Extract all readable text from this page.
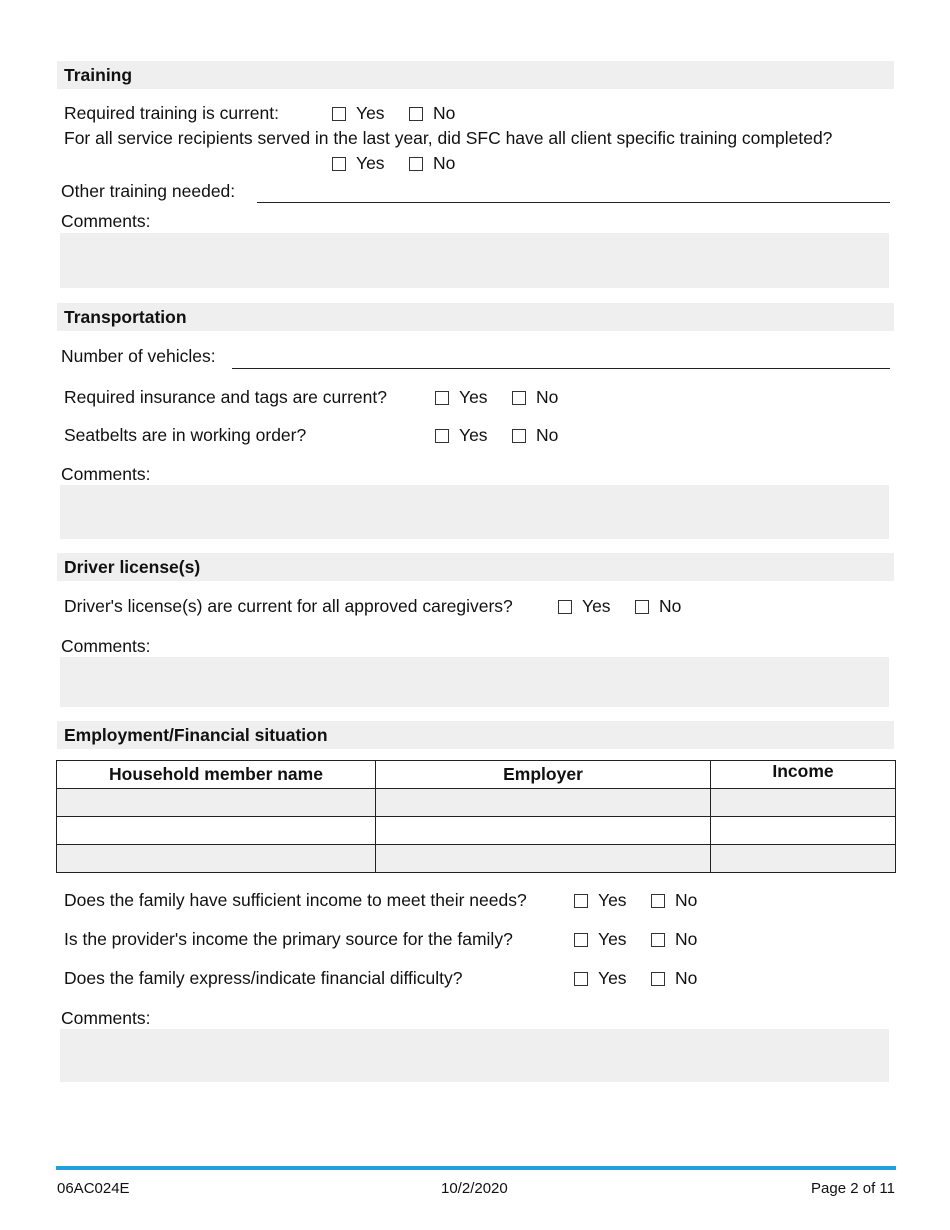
Training
Required training is current:	Yes	No
For all service recipients served in the last year, did SFC have all client specific training completed?
Yes	No
Other training needed:
Comments:
Transportation
Number of vehicles:
Required insurance and tags are current?	Yes	No
Seatbelts are in working order?	Yes	No
Comments:
Driver license(s)
Driver's license(s) are current for all approved caregivers?	Yes	No
Comments:
Employment/Financial situation
Household member name	Employer	Income

Does the family have sufficient income to meet their needs?	Yes	No
Is the provider's income the primary source for the family?	Yes	No
Does the family express/indicate financial difficulty?	Yes	No
Comments:
06AC024E	10/2/2020	Page 2 of 11
